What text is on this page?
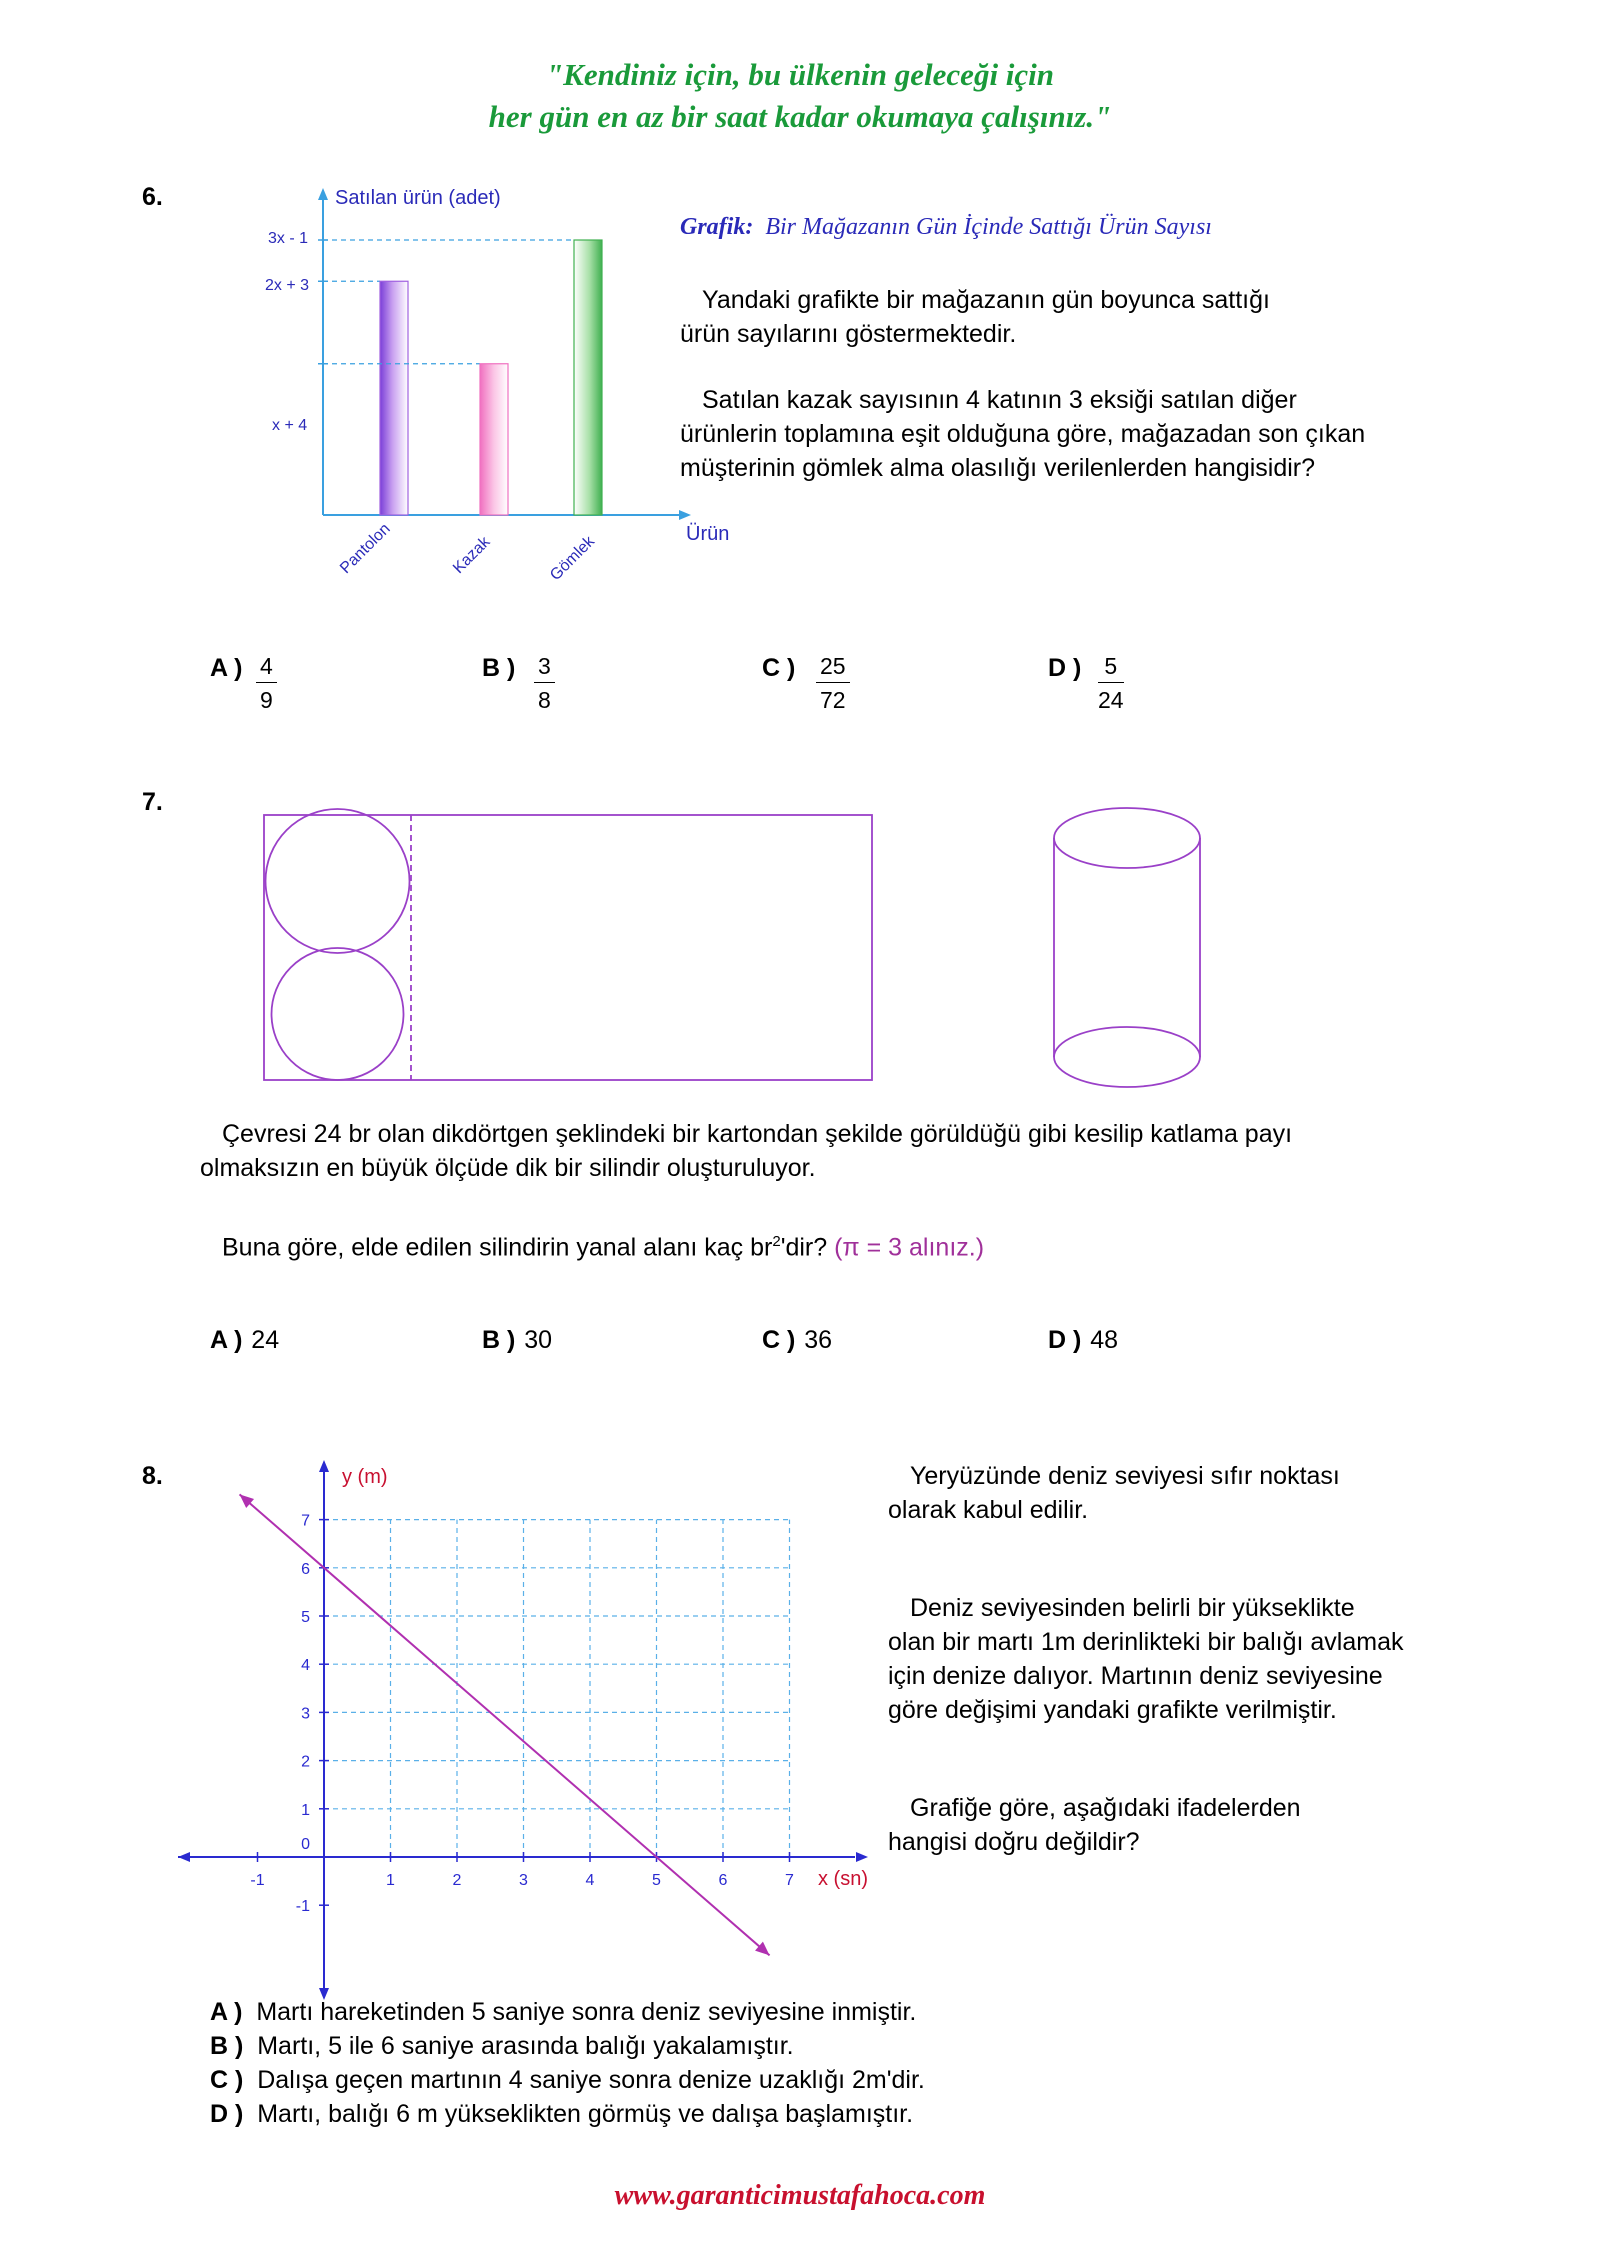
"Kendiniz için, bu ülkenin geleceği için
her gün en az bir saat kadar okumaya çalışınız."
6.	Satılan ürün (adet)
Ürün
3x - 1
2x + 3
x + 4
Pantolon	Kazak	Gömlek
Grafik: Bir Mağazanın Gün İçinde Sattığı Ürün Sayısı
Yandaki grafikte bir mağazanın gün boyunca sattığı
ürün sayılarını göstermektedir.
Satılan kazak sayısının 4 katının 3 eksiği satılan diğer
ürünlerin toplamına eşit olduğuna göre, mağazadan son çıkan
müşterinin gömlek alma olasılığı verilenlerden hangisidir?
A ) $\frac{4}{9}$	B ) $\frac{3}{8}$	C ) $\frac{25}{72}$	D ) $\frac{5}{24}$
7.
Çevresi 24 br olan dikdörtgen şeklindeki bir kartondan şekilde görüldüğü gibi kesilip katlama payı
olmaksızın en büyük ölçüde dik bir silindir oluşturuluyor.
Buna göre, elde edilen silindirin yanal alanı kaç $br^2'dir$? (π = 3 alınız.)
A ) 24	B ) 30	C ) 36	D ) 48
8.
-1	1	2	3	4	5	6	7
-1
0
1
2
3
4
5
6
7
y (m)
x (sn)
Yeryüzünde deniz seviyesi sıfır noktası
olarak kabul edilir.
Deniz seviyesinden belirli bir yükseklikte
olan bir martı 1m derinlikteki bir balığı avlamak
için denize dalıyor. Martının deniz seviyesine
göre değişimi yandaki grafikte verilmiştir.
Grafiğe göre, aşağıdaki ifadelerden
hangisi doğru değildir?
A ) Martı hareketinden 5 saniye sonra deniz seviyesine inmiştir.
B ) Martı, 5 ile 6 saniye arasında balığı yakalamıştır.
C ) Dalışa geçen martının 4 saniye sonra denize uzaklığı 2m'dir.
D ) Martı, balığı 6 m yükseklikten görmüş ve dalışa başlamıştır.
www.garanticimustafahoca.com
